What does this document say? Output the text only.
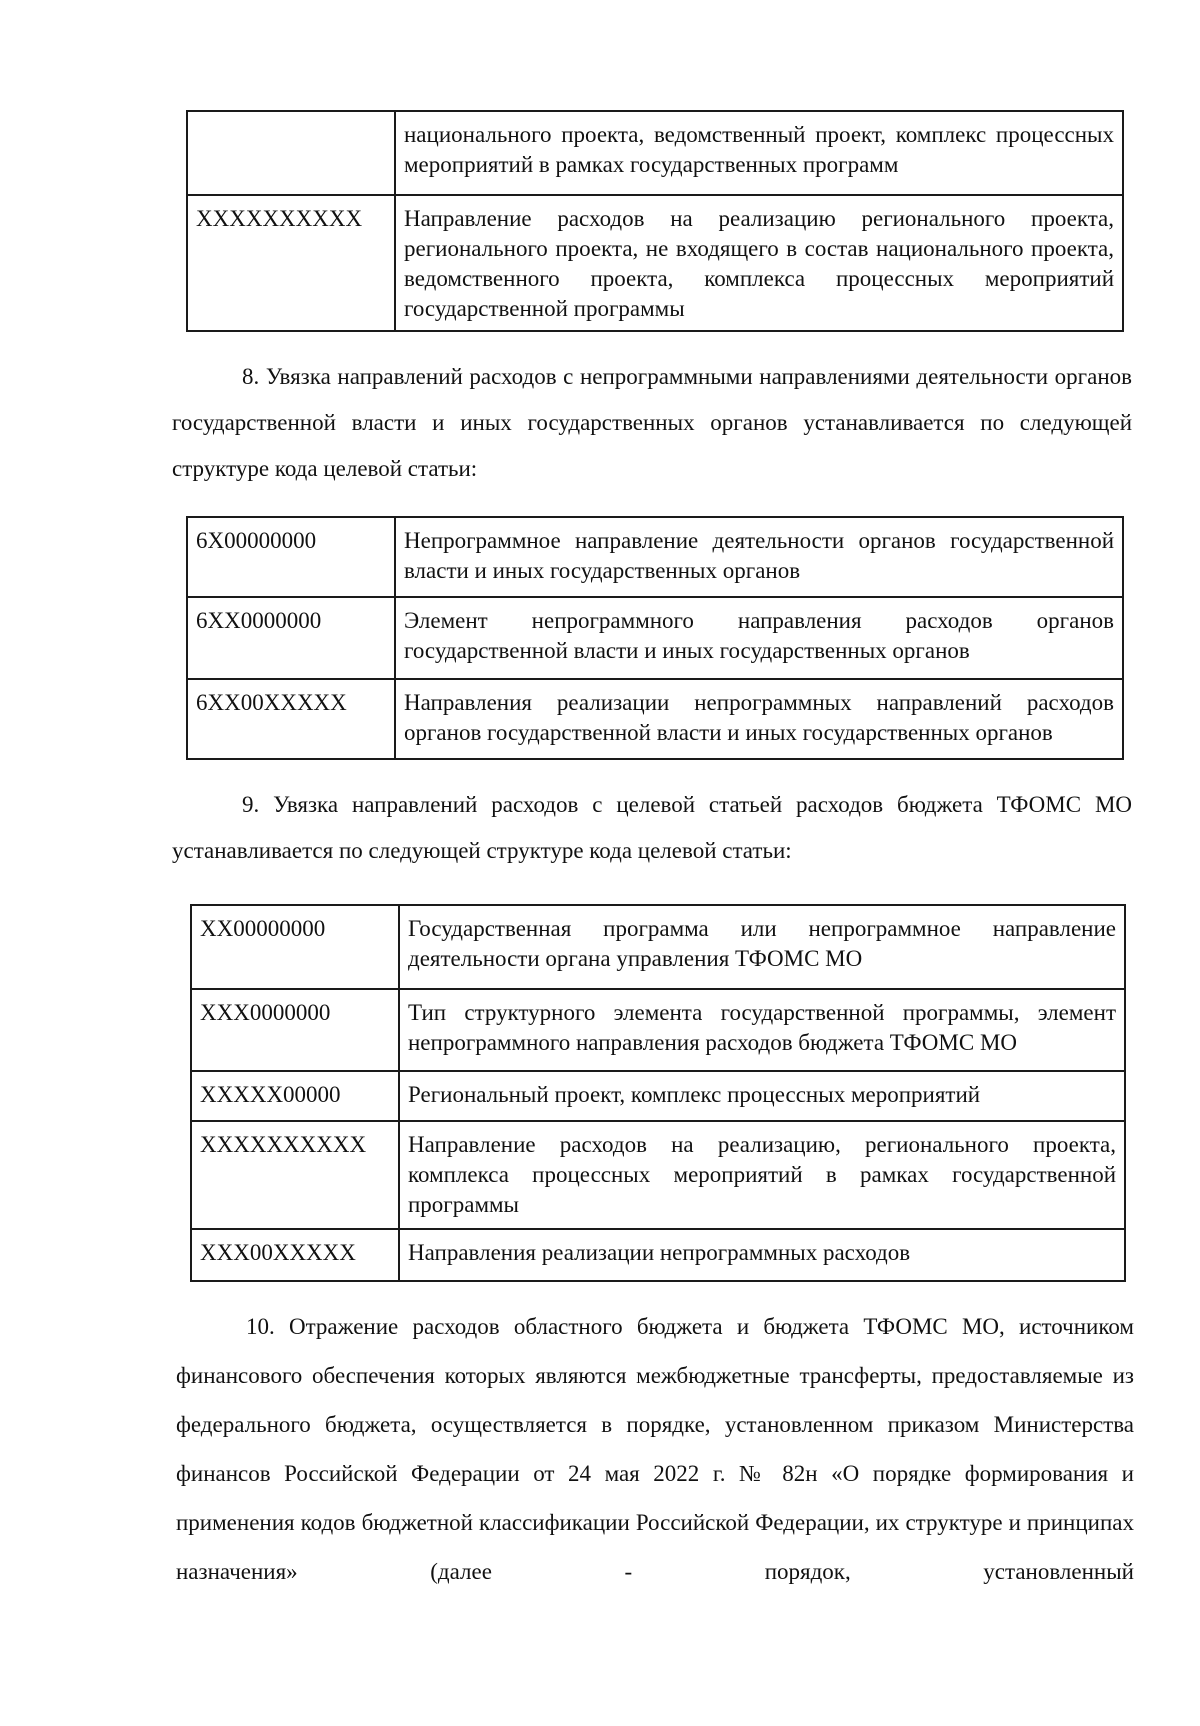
	национального проекта, ведомственный проект, комплекс процессных мероприятий в рамках государственных программ
XXXXXXXXXX	Направление расходов на реализацию регионального проекта, регионального проекта, не входящего в состав национального проекта, ведомственного проекта, комплекса процессных мероприятий государственной программы

8. Увязка направлений расходов с непрограммными направлениями деятельности органов государственной власти и иных государственных органов устанавливается по следующей структуре кода целевой статьи:

6X00000000	Непрограммное направление деятельности органов государственной власти и иных государственных органов
6XX0000000	Элемент непрограммного направления расходов органов государственной власти и иных государственных органов
6XX00XXXXX	Направления реализации непрограммных направлений расходов органов государственной власти и иных государственных органов

9. Увязка направлений расходов с целевой статьей расходов бюджета ТФОМС МО устанавливается по следующей структуре кода целевой статьи:

XX00000000	Государственная программа или непрограммное направление деятельности органа управления ТФОМС МО
XXX0000000	Тип структурного элемента государственной программы, элемент непрограммного направления расходов бюджета ТФОМС МО
XXXXX00000	Региональный проект, комплекс процессных мероприятий
XXXXXXXXXX	Направление расходов на реализацию, регионального проекта, комплекса процессных мероприятий в рамках государственной программы
XXX00XXXXX	Направления реализации непрограммных расходов

10. Отражение расходов областного бюджета и бюджета ТФОМС МО, источником финансового обеспечения которых являются межбюджетные трансферты, предоставляемые из федерального бюджета, осуществляется в порядке, установленном приказом Министерства финансов Российской Федерации от 24 мая 2022 г. № 82н «О порядке формирования и применения кодов бюджетной классификации Российской Федерации, их структуре и принципах назначения» (далее - порядок, установленный
